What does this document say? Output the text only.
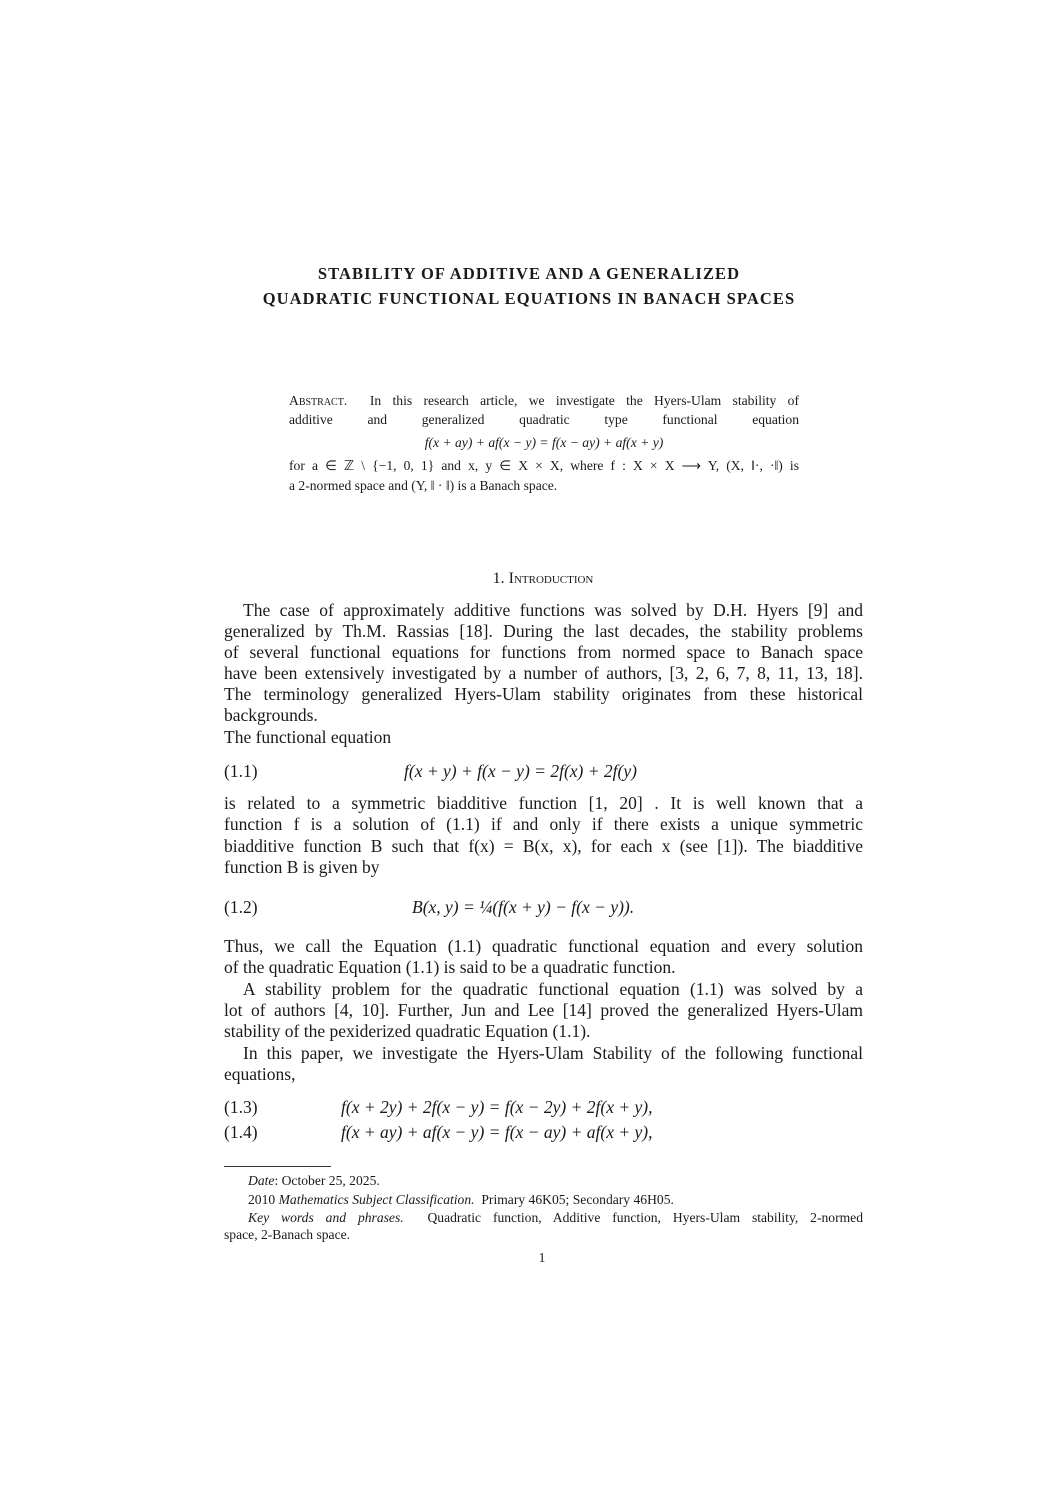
STABILITY OF ADDITIVE AND A GENERALIZED
QUADRATIC FUNCTIONAL EQUATIONS IN BANACH SPACES
Abstract. In this research article, we investigate the Hyers-Ulam stability of
additive and generalized quadratic type functional equation
f(x + ay) + af(x − y) = f(x − ay) + af(x + y)
for a ∈ ℤ \ {−1, 0, 1} and x, y ∈ X × X, where f : X × X ⟶ Y, (X, ‖·, ·‖) is
a 2-normed space and (Y, ‖ · ‖) is a Banach space.
1. Introduction
The case of approximately additive functions was solved by D.H. Hyers [9] and
generalized by Th.M. Rassias [18]. During the last decades, the stability problems
of several functional equations for functions from normed space to Banach space
have been extensively investigated by a number of authors, [3, 2, 6, 7, 8, 11, 13, 18].
The terminology generalized Hyers-Ulam stability originates from these historical
backgrounds.
The functional equation
is related to a symmetric biadditive function [1, 20] . It is well known that a
function f is a solution of (1.1) if and only if there exists a unique symmetric
biadditive function B such that f(x) = B(x, x), for each x (see [1]). The biadditive
function B is given by
Thus, we call the Equation (1.1) quadratic functional equation and every solution
of the quadratic Equation (1.1) is said to be a quadratic function.
A stability problem for the quadratic functional equation (1.1) was solved by a
lot of authors [4, 10]. Further, Jun and Lee [14] proved the generalized Hyers-Ulam
stability of the pexiderized quadratic Equation (1.1).
In this paper, we investigate the Hyers-Ulam Stability of the following functional
equations,
(1.1)	f(x + y) + f(x − y) = 2f(x) + 2f(y)
(1.2)	B(x, y) = ¼(f(x + y) − f(x − y)).
(1.3)	f(x + 2y) + 2f(x − y) = f(x − 2y) + 2f(x + y),
(1.4)	f(x + ay) + af(x − y) = f(x − ay) + af(x + y),
Date: October 25, 2025.
2010 Mathematics Subject Classification. Primary 46K05; Secondary 46H05.
Key words and phrases. Quadratic function, Additive function, Hyers-Ulam stability, 2-normed
space, 2-Banach space.
1
